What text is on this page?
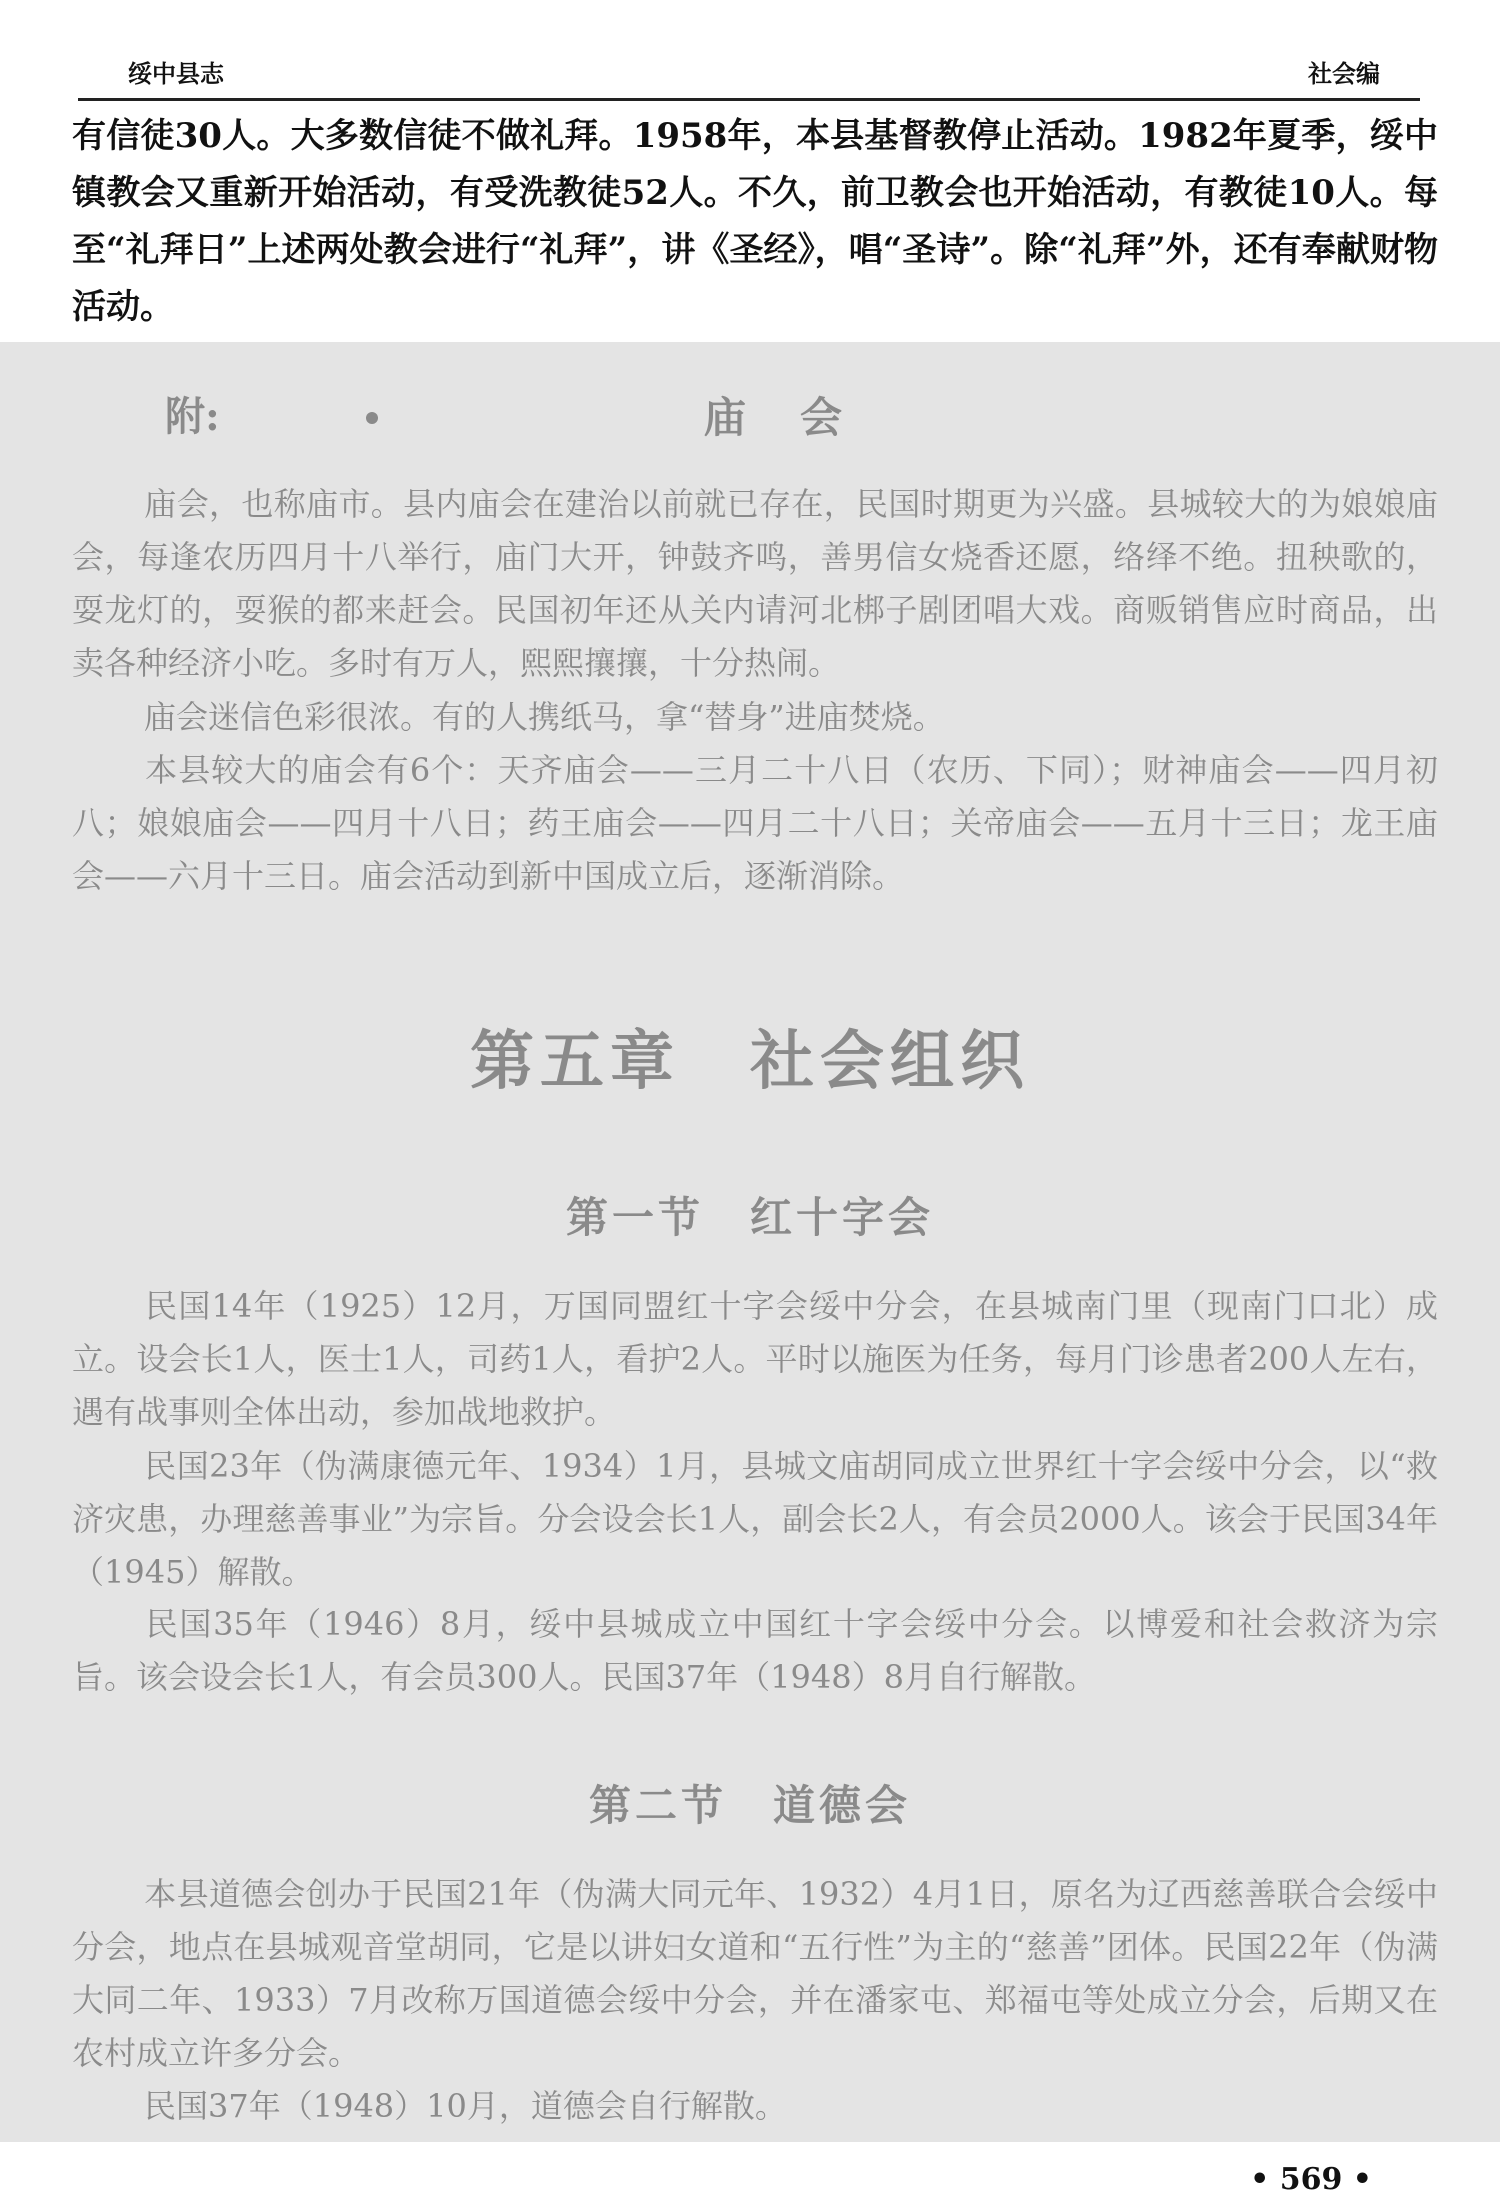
绥中县志	社会编
有信徒30人。大多数信徒不做礼拜。1958年，本县基督教停止活动。1982年夏季，绥中镇教会又重新开始活动，有受洗教徒52人。不久，前卫教会也开始活动，有教徒10人。每至“礼拜日”上述两处教会进行“礼拜”，讲《圣经》，唱“圣诗”。除“礼拜”外，还有奉献财物活动。
附:	庙会
庙会，也称庙市。县内庙会在建治以前就已存在，民国时期更为兴盛。县城较大的为娘娘庙会，每逢农历四月十八举行，庙门大开，钟鼓齐鸣，善男信女烧香还愿，络绎不绝。扭秧歌的，耍龙灯的，耍猴的都来赶会。民国初年还从关内请河北梆子剧团唱大戏。商贩销售应时商品，出卖各种经济小吃。多时有万人，熙熙攘攘，十分热闹。
庙会迷信色彩很浓。有的人携纸马，拿“替身”进庙焚烧。
本县较大的庙会有6个：天齐庙会——三月二十八日（农历、下同）；财神庙会——四月初八；娘娘庙会——四月十八日；药王庙会——四月二十八日；关帝庙会——五月十三日；龙王庙会——六月十三日。庙会活动到新中国成立后，逐渐消除。
第五章　社会组织
第一节　红十字会
民国14年（1925）12月，万国同盟红十字会绥中分会，在县城南门里（现南门口北）成立。设会长1人，医士1人，司药1人，看护2人。平时以施医为任务，每月门诊患者200人左右，遇有战事则全体出动，参加战地救护。
民国23年（伪满康德元年、1934）1月，县城文庙胡同成立世界红十字会绥中分会，以“救济灾患，办理慈善事业”为宗旨。分会设会长1人，副会长2人，有会员2000人。该会于民国34年（1945）解散。
民国35年（1946）8月，绥中县城成立中国红十字会绥中分会。以博爱和社会救济为宗旨。该会设会长1人，有会员300人。民国37年（1948）8月自行解散。
第二节　道德会
本县道德会创办于民国21年（伪满大同元年、1932）4月1日，原名为辽西慈善联合会绥中分会，地点在县城观音堂胡同，它是以讲妇女道和“五行性”为主的“慈善”团体。民国22年（伪满大同二年、1933）7月改称万国道德会绥中分会，并在潘家屯、郑福屯等处成立分会，后期又在农村成立许多分会。
民国37年（1948）10月，道德会自行解散。
• 569 •
